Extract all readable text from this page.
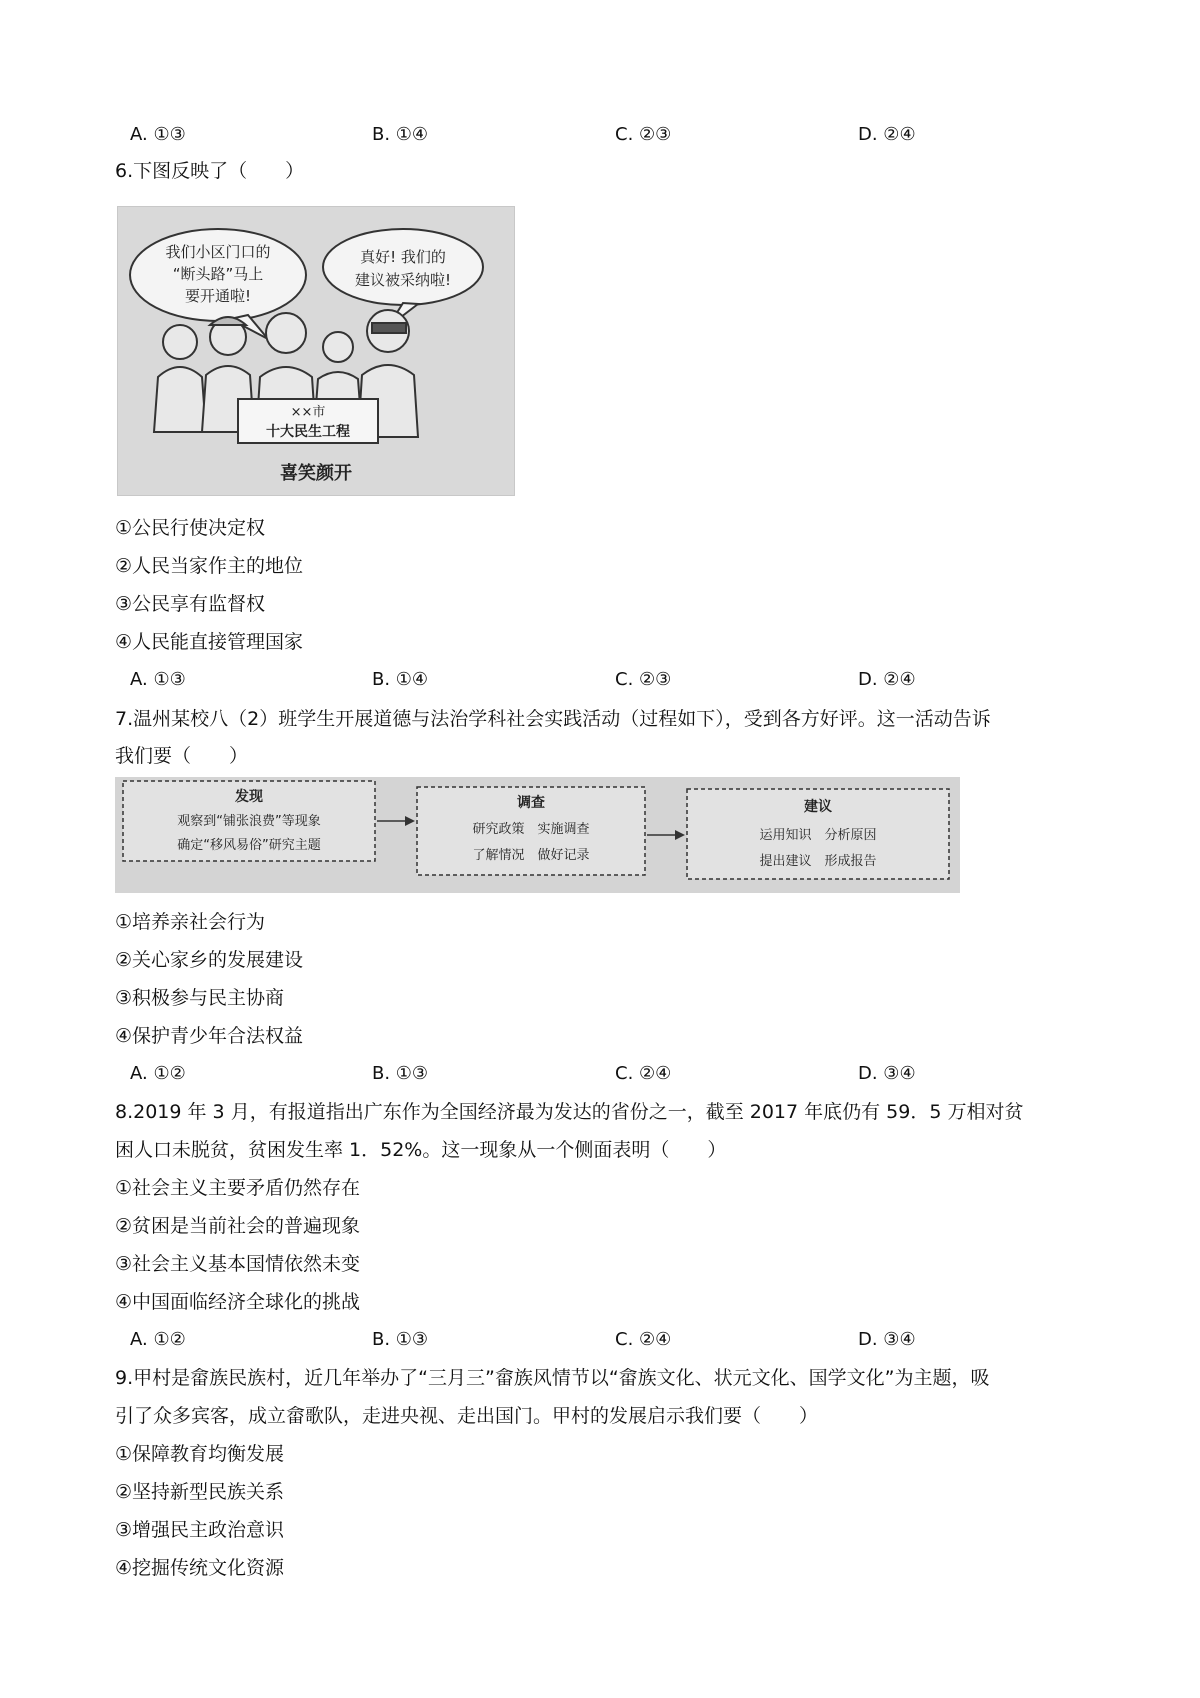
A. ①③	B. ①④	C. ②③	D. ②④
6.下图反映了（　　）
我们小区门口的
“断头路”马上
要开通啦!
真好! 我们的
建议被采纳啦!
××市
十大民生工程
喜笑颜开
①公民行使决定权
②人民当家作主的地位
③公民享有监督权
④人民能直接管理国家
A. ①③	B. ①④	C. ②③	D. ②④
7.温州某校八（2）班学生开展道德与法治学科社会实践活动（过程如下），受到各方好评。这一活动告诉
我们要（　　）
发现
观察到“铺张浪费”等现象
确定“移风易俗”研究主题
调查
研究政策　实施调查
了解情况　做好记录
建议
运用知识　分析原因
提出建议　形成报告
①培养亲社会行为
②关心家乡的发展建设
③积极参与民主协商
④保护青少年合法权益
A. ①②	B. ①③	C. ②④	D. ③④
8.2019 年 3 月，有报道指出广东作为全国经济最为发达的省份之一，截至 2017 年底仍有 59．5 万相对贫
困人口未脱贫，贫困发生率 1．52%。这一现象从一个侧面表明（　　）
①社会主义主要矛盾仍然存在
②贫困是当前社会的普遍现象
③社会主义基本国情依然未变
④中国面临经济全球化的挑战
A. ①②	B. ①③	C. ②④	D. ③④
9.甲村是畲族民族村，近几年举办了“三月三”畲族风情节以“畲族文化、状元文化、国学文化”为主题，吸
引了众多宾客，成立畲歌队，走进央视、走出国门。甲村的发展启示我们要（　　）
①保障教育均衡发展
②坚持新型民族关系
③增强民主政治意识
④挖掘传统文化资源
